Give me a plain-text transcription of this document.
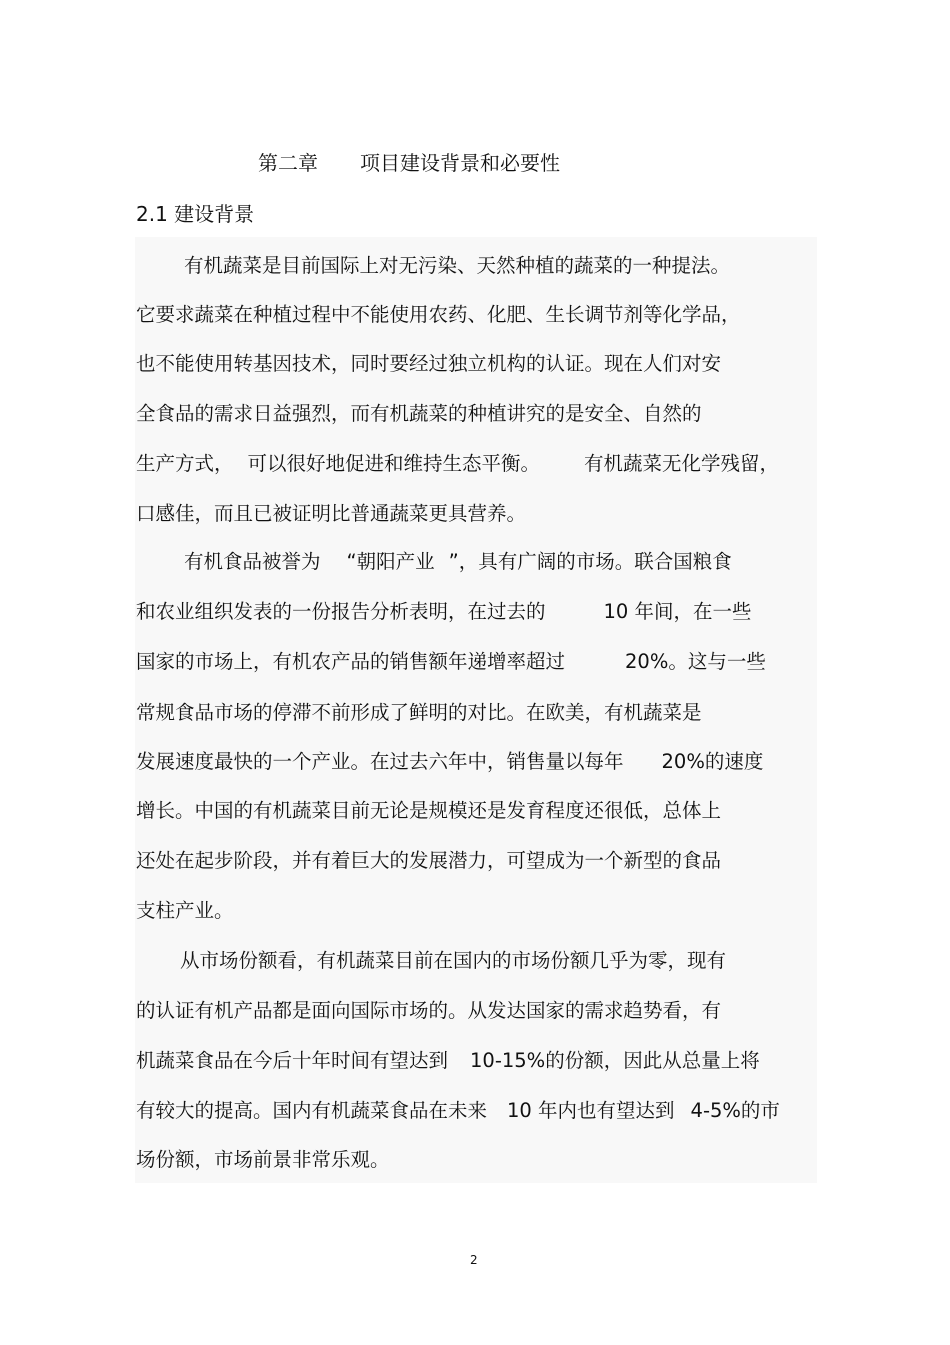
第二章 项目建设背景和必要性
2.1 建设背景
有机蔬菜是目前国际上对无污染、天然种植的蔬菜的一种提法。
它要求蔬菜在种植过程中不能使用农药、化肥、生长调节剂等化学品，
也不能使用转基因技术，同时要经过独立机构的认证。现在人们对安
全食品的需求日益强烈，而有机蔬菜的种植讲究的是安全、自然的
生产方式， 可以很好地促进和维持生态平衡。 有机蔬菜无化学残留，
口感佳，而且已被证明比普通蔬菜更具营养。
有机食品被誉为 “朝阳产业 ”，具有广阔的市场。联合国粮食
和农业组织发表的一份报告分析表明，在过去的	10 年间，在一些
国家的市场上，有机农产品的销售额年递增率超过	20%。这与一些
常规食品市场的停滞不前形成了鲜明的对比。在欧美，有机蔬菜是
发展速度最快的一个产业。在过去六年中，销售量以每年 20%的速度
增长。中国的有机蔬菜目前无论是规模还是发育程度还很低，总体上
还处在起步阶段，并有着巨大的发展潜力，可望成为一个新型的食品
支柱产业。
从市场份额看，有机蔬菜目前在国内的市场份额几乎为零，现有
的认证有机产品都是面向国际市场的。从发达国家的需求趋势看，有
机蔬菜食品在今后十年时间有望达到 10-15%的份额，因此从总量上将
有较大的提高。国内有机蔬菜食品在未来 10 年内也有望达到 4-5%的市
场份额，市场前景非常乐观。
2
